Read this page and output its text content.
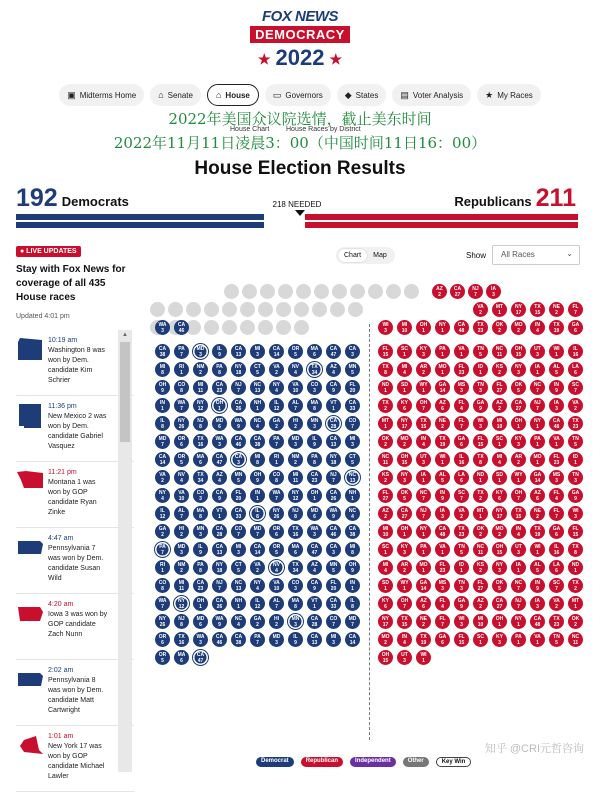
FOX NEWS
DEMOCRACY
★ 2022 ★
▣ Midterms Home ⌂ Senate	⌂ House	▭ Governors ◆ States ▤ Voter Analysis ★ My Races
2022年美国众议院选情，截止美东时间
House Chart House Races by District
2022年11月11日凌晨3：00（中国时间11日16：00）
House Election Results
192 Democrats	Republicans 211
218 NEEDED
● LIVE UPDATES
Stay with Fox News for coverage of all 435 House races
Updated 4:01 pm
10:19 am
Washington 8 was won by Dem. candidate Kim Schrier
11:36 pm
New Mexico 2 was won by Dem. candidate Gabriel Vasquez
11:21 pm
Montana 1 was won by GOP candidate Ryan Zinke
4:47 am
Pennsylvania 7 was won by Dem. candidate Susan Wild
4:20 am
Iowa 3 was won by GOP candidate Zach Nunn
2:02 am
Pennsylvania 8 was won by Dem. candidate Matt Cartwright
1:01 am
New York 17 was won by GOP candidate Michael Lawler
▲
Chart	Map	Show	All Races	⌄
WA
3
CA
46
CA
38
PA
7
MD
3
IL
9
CA
13
MI
3
CA
14
OR
5
MA
6
CA
47
CA
3
MI
8
RI
1
NM
2
PA
8
NY
18
CT
5
VA
2
NV
4
TX
34
AZ
4
MN
5
OH
9
CO
8
MI
11
CA
23
NJ
7
NC
13
NY
4
VA
10
CO
3
CA
9
FL
20
IN
1
WA
7
NY
12
OH
1
CA
26
NH
1
IL
12
AL
7
MA
8
VT
1
CA
33
IL
8
NY
26
NJ
8
MD
6
WA
9
NC
4
GA
2
HI
2
MN
3
CA
28
CO
7
MD
7
OR
6
TX
16
WA
3
CA
46
CA
38
PA
7
MD
3
IL
9
CA
13
MI
3
CA
14
OR
5
MA
6
CA
47
CA
3
MI
8
RI
1
NM
2
PA
8
NY
18
CT
5
VA
2
NV
4
TX
34
AZ
4
MN
5
OH
9
CO
8
MI
11
CA
23
NJ
7
NC
13
NY
4
VA
10
CO
3
CA
9
FL
20
IN
1
WA
7
NY
12
OH
1
CA
26
NH
1
IL
12
AL
7
MA
8
VT
1
CA
33
IL
8
NY
26
NJ
8
MD
6
WA
9
NC
4
GA
2
HI
2
MN
3
CA
28
CO
7
MD
7
OR
6
TX
16
WA
3
CA
46
CA
38
PA
7
MD
3
IL
9
CA
13
MI
3
CA
14
OR
5
MA
6
CA
47
CA
3
MI
8
RI
1
NM
2
PA
8
NY
18
CT
5
VA
2
NV
4
TX
34
AZ
4
MN
5
OH
9
CO
8
MI
11
CA
23
NJ
7
NC
13
NY
4
VA
10
CO
3
CA
9
FL
20
IN
1
WA
7
NY
12
OH
1
CA
26
NH
1
IL
12
AL
7
MA
8
VT
1
CA
33
IL
8
NY
26
NJ
8
MD
6
WA
9
NC
4
GA
2
HI
2
MN
3
CA
28
CO
7
MD
7
OR
6
TX
16
WA
3
CA
46
CA
38
PA
7
MD
3
IL
9
CA
13
MI
3
CA
14
OR
5
MA
6
CA
47
AZ
2
CA
27
NJ
7
IA
3
VA
2
MT
1
NY
17
TX
15
NE
2
FL
7
WI
3
MI
10
OH
1
NY
1
CA
48
TX
23
OK
2
MO
2
IN
4
TX
19
GA
6
FL
15
SC
1
KY
3
PA
1
VA
1
TN
5
NC
11
OH
15
UT
3
WI
1
IL
16
TX
8
MI
4
AR
2
MO
1
FL
23
ID
1
KS
2
NY
3
IA
1
AL
5
LA
6
ND
1
SD
1
WY
1
GA
14
MS
3
TN
3
FL
27
OK
5
NC
7
IN
9
SC
7
TX
2
KY
6
OH
7
AZ
6
FL
4
GA
9
AZ
2
CA
27
NJ
7
IA
3
VA
2
MT
1
NY
17
TX
15
NE
2
FL
7
WI
3
MI
10
OH
1
NY
1
CA
48
TX
23
OK
2
MO
2
IN
4
TX
19
GA
6
FL
15
SC
1
KY
3
PA
1
VA
1
TN
5
NC
11
OH
15
UT
3
WI
1
IL
16
TX
8
MI
4
AR
2
MO
1
FL
23
ID
1
KS
2
NY
3
IA
1
AL
5
LA
6
ND
1
SD
1
WY
1
GA
14
MS
3
TN
3
FL
27
OK
5
NC
7
IN
9
SC
7
TX
2
KY
6
OH
7
AZ
6
FL
4
GA
9
AZ
2
CA
27
NJ
7
IA
3
VA
2
MT
1
NY
17
TX
15
NE
2
FL
7
WI
3
MI
10
OH
1
NY
1
CA
48
TX
23
OK
2
MO
2
IN
4
TX
19
GA
6
FL
15
SC
1
KY
3
PA
1
VA
1
TN
5
NC
11
OH
15
UT
3
WI
1
IL
16
TX
8
MI
4
AR
2
MO
1
FL
23
ID
1
KS
2
NY
3
IA
1
AL
5
LA
6
ND
1
SD
1
WY
1
GA
14
MS
3
TN
3
FL
27
OK
5
NC
7
IN
9
SC
7
TX
2
KY
6
OH
7
AZ
6
FL
4
GA
9
AZ
2
CA
27
NJ
7
IA
3
VA
2
MT
1
NY
17
TX
15
NE
2
FL
7
WI
3
MI
10
OH
1
NY
1
CA
48
TX
23
OK
2
MO
2
IN
4
TX
19
GA
6
FL
15
SC
1
KY
3
PA
1
VA
1
TN
5
NC
11
OH
15
UT
3
WI
1
Democrat	Republican	Independent	Other	Key Win
知乎 @CRI元哲咨询
